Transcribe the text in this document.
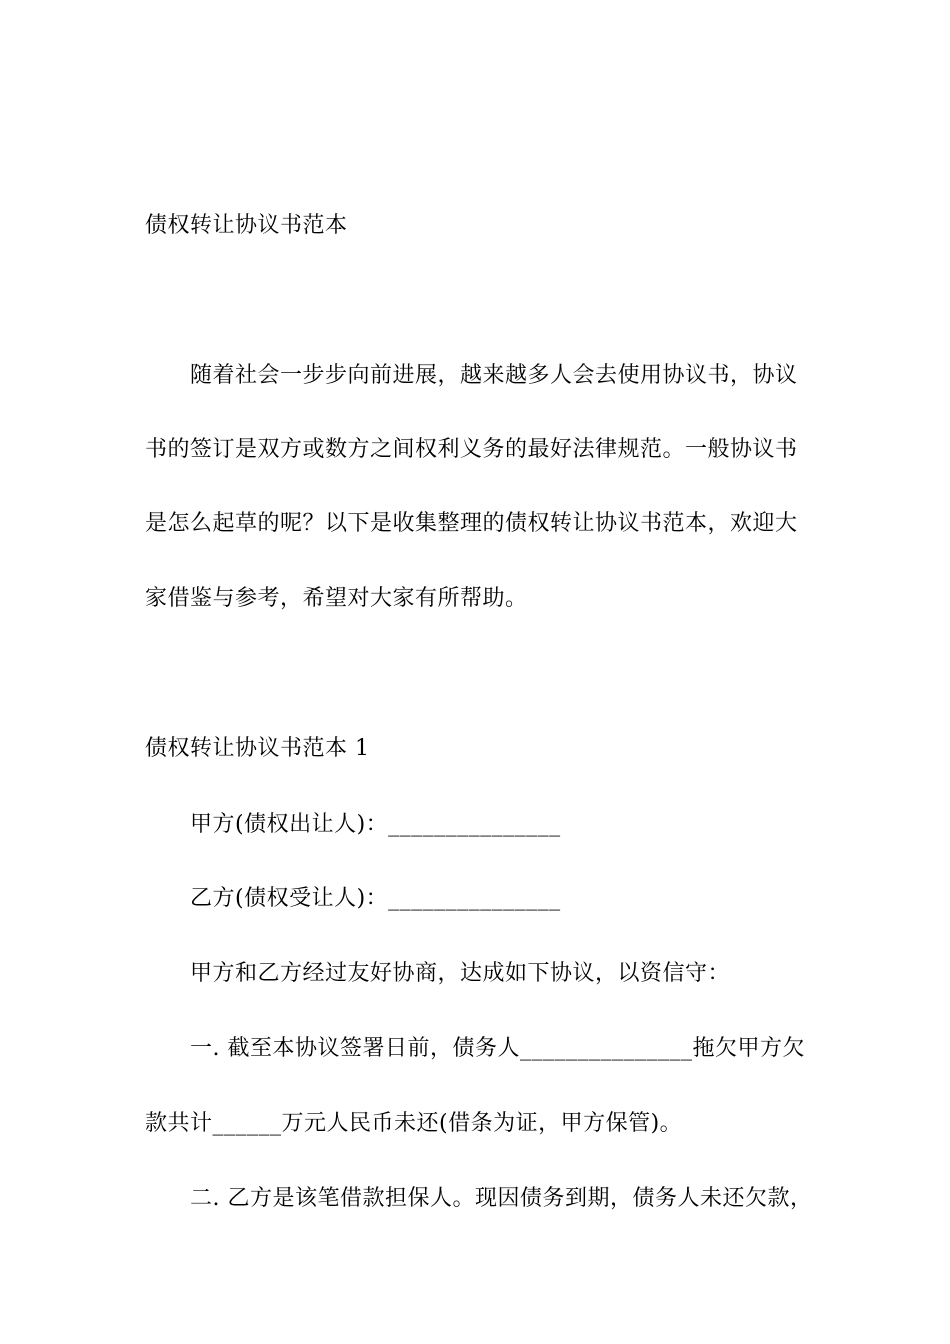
债权转让协议书范本
随着社会一步步向前进展，越来越多人会去使用协议书，协议
书的签订是双方或数方之间权利义务的最好法律规范。一般协议书
是怎么起草的呢？以下是收集整理的债权转让协议书范本，欢迎大
家借鉴与参考，希望对大家有所帮助。
债权转让协议书范本 1
甲方(债权出让人)：_______________
乙方(债权受让人)：_______________
甲方和乙方经过友好协商，达成如下协议，以资信守：
一. 截至本协议签署日前，债务人_______________拖欠甲方欠
款共计______万元人民币未还(借条为证，甲方保管)。
二. 乙方是该笔借款担保人。现因债务到期，债务人未还欠款，
